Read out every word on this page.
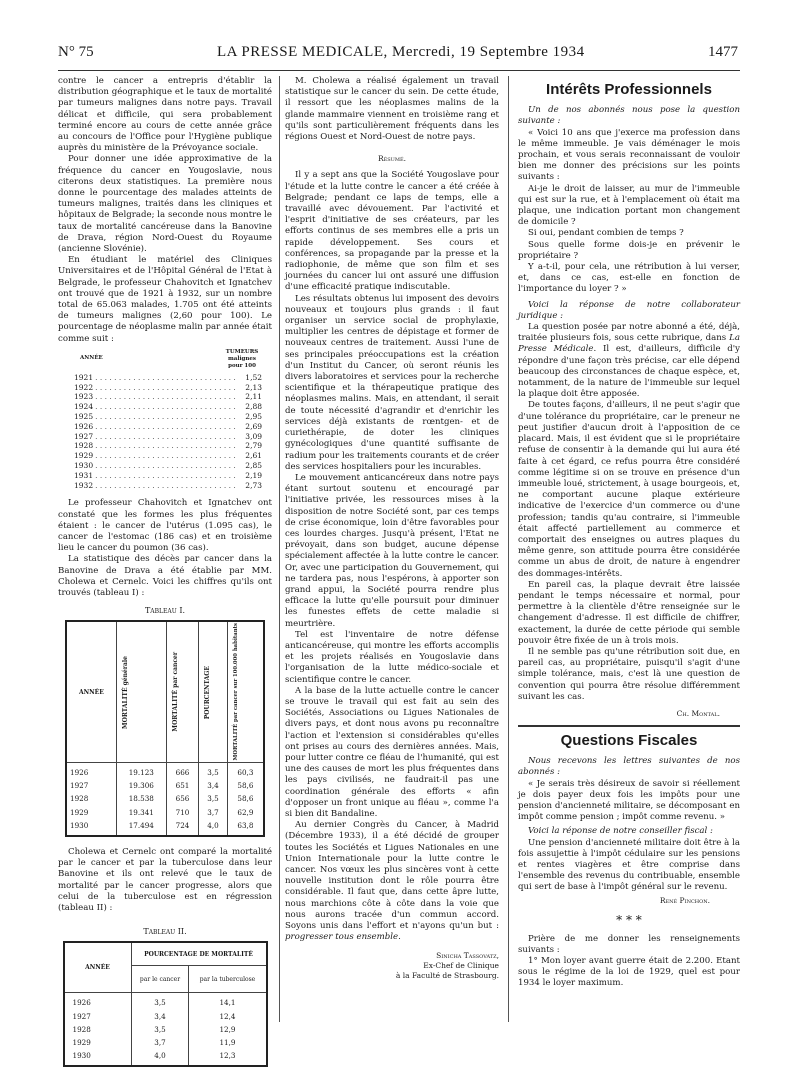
N° 75	LA PRESSE MEDICALE, Mercredi, 19 Septembre 1934	1477

contre le cancer a entrepris d'établir la distribution géographique et le taux de mortalité par tumeurs malignes dans notre pays. Travail délicat et difficile, qui sera probablement terminé encore au cours de cette année grâce au concours de l'Office pour l'Hygiène publique auprès du ministère de la Prévoyance sociale.

Pour donner une idée approximative de la fréquence du cancer en Yougoslavie, nous citerons deux statistiques. La première nous donne le pourcentage des malades atteints de tumeurs malignes, traités dans les cliniques et hôpitaux de Belgrade; la seconde nous montre le taux de mortalité cancéreuse dans la Banovine de Drava, région Nord-Ouest du Royaume (ancienne Slovénie).

En étudiant le matériel des Cliniques Universitaires et de l'Hôpital Général de l'Etat à Belgrade, le professeur Chahovitch et Ignatchev ont trouvé que de 1921 à 1932, sur un nombre total de 65.063 malades, 1.705 ont été atteints de tumeurs malignes (2,60 pour 100). Le pourcentage de néoplasme malin par année était comme suit :

ANNÉE
TUMEURS malignes pour 100
1921 . . . . . . . . . . . . . . . . . . . . . . . . . . . . . .	1,52
1922 . . . . . . . . . . . . . . . . . . . . . . . . . . . . . .	2,13
1923 . . . . . . . . . . . . . . . . . . . . . . . . . . . . . .	2,11
1924 . . . . . . . . . . . . . . . . . . . . . . . . . . . . . .	2,88
1925 . . . . . . . . . . . . . . . . . . . . . . . . . . . . . .	2,95
1926 . . . . . . . . . . . . . . . . . . . . . . . . . . . . . .	2,69
1927 . . . . . . . . . . . . . . . . . . . . . . . . . . . . . .	3,09
1928 . . . . . . . . . . . . . . . . . . . . . . . . . . . . . .	2,79
1929 . . . . . . . . . . . . . . . . . . . . . . . . . . . . . .	2,61
1930 . . . . . . . . . . . . . . . . . . . . . . . . . . . . . .	2,85
1931 . . . . . . . . . . . . . . . . . . . . . . . . . . . . . .	2,19
1932 . . . . . . . . . . . . . . . . . . . . . . . . . . . . . .	2,73

Le professeur Chahovitch et Ignatchev ont constaté que les formes les plus fréquentes étaient : le cancer de l'utérus (1.095 cas), le cancer de l'estomac (186 cas) et en troisième lieu le cancer du poumon (36 cas).

La statistique des décès par cancer dans la Banovine de Drava a été établie par MM. Cholewa et Cernelc. Voici les chiffres qu'ils ont trouvés (tableau I) :

Tableau I.
ANNÉE	MORTALITÉ générale	MORTALITÉ par cancer	POURCENTAGE	MORTALITÉ par cancer sur 100.000 habitants

1926	19.123	666	3,5	60,3
1927	19.306	651	3,4	58,6
1928	18.538	656	3,5	58,6
1929	19.341	710	3,7	62,9
1930	17.494	724	4,0	63,8

Cholewa et Cernelc ont comparé la mortalité par le cancer et par la tuberculose dans leur Banovine et ils ont relevé que le taux de mortalité par le cancer progresse, alors que celui de la tuberculose est en régression (tableau II) :

Tableau II.
ANNÉE	POURCENTAGE DE MORTALITÉ	
	par le cancer	par la tuberculose
1926	3,5	14,1
1927	3,4	12,4
1928	3,5	12,9
1929	3,7	11,9
1930	4,0	12,3

M. Cholewa a réalisé également un travail statistique sur le cancer du sein. De cette étude, il ressort que les néoplasmes malins de la glande mammaire viennent en troisième rang et qu'ils sont particulièrement fréquents dans les régions Ouest et Nord-Ouest de notre pays.

Résumé.

Il y a sept ans que la Société Yougoslave pour l'étude et la lutte contre le cancer a été créée à Belgrade; pendant ce laps de temps, elle a travaillé avec dévouement. Par l'activité et l'esprit d'initiative de ses créateurs, par les efforts continus de ses membres elle a pris un rapide développement. Ses cours et conférences, sa propagande par la presse et la radiophonie, de même que son film et ses journées du cancer lui ont assuré une diffusion d'une efficacité pratique indiscutable.

Les résultats obtenus lui imposent des devoirs nouveaux et toujours plus grands : il faut organiser un service social de prophylaxie, multiplier les centres de dépistage et former de nouveaux centres de traitement. Aussi l'une de ses principales préoccupations est la création d'un Institut du Cancer, où seront réunis les divers laboratoires et services pour la recherche scientifique et la thérapeutique pratique des néoplasmes malins. Mais, en attendant, il serait de toute nécessité d'agrandir et d'enrichir les services déjà existants de rœntgen- et de curiethérapie, de doter les cliniques gynécologiques d'une quantité suffisante de radium pour les traitements courants et de créer des services hospitaliers pour les incurables.

Le mouvement anticancéreux dans notre pays étant surtout soutenu et encouragé par l'initiative privée, les ressources mises à la disposition de notre Société sont, par ces temps de crise économique, loin d'être favorables pour ces lourdes charges. Jusqu'à présent, l'Etat ne prévoyait, dans son budget, aucune dépense spécialement affectée à la lutte contre le cancer. Or, avec une participation du Gouvernement, qui ne tardera pas, nous l'espérons, à apporter son grand appui, la Société pourra rendre plus efficace la lutte qu'elle poursuit pour diminuer les funestes effets de cette maladie si meurtrière.

Tel est l'inventaire de notre défense anticancéreuse, qui montre les efforts accomplis et les projets réalisés en Yougoslavie dans l'organisation de la lutte médico-sociale et scientifique contre le cancer.

A la base de la lutte actuelle contre le cancer se trouve le travail qui est fait au sein des Sociétés, Associations ou Ligues Nationales de divers pays, et dont nous avons pu reconnaître l'action et l'extension si considérables qu'elles ont prises au cours des dernières années. Mais, pour lutter contre ce fléau de l'humanité, qui est une des causes de mort les plus fréquentes dans les pays civilisés, ne faudrait-il pas une coordination générale des efforts « afin d'opposer un front unique au fléau », comme l'a si bien dit Bandaline.

Au dernier Congrès du Cancer, à Madrid (Décembre 1933), il a été décidé de grouper toutes les Sociétés et Ligues Nationales en une Union Internationale pour la lutte contre le cancer. Nos vœux les plus sincères vont à cette nouvelle institution dont le rôle pourra être considérable. Il faut que, dans cette âpre lutte, nous marchions côte à côte dans la voie que nous aurons tracée d'un commun accord. Soyons unis dans l'effort et n'ayons qu'un but : progresser tous ensemble.

Sinicha Tassovatz,
Ex-Chef de Clinique
à la Faculté de Strasbourg.
Intérêts Professionnels

Un de nos abonnés nous pose la question suivante :

« Voici 10 ans que j'exerce ma profession dans le même immeuble. Je vais déménager le mois prochain, et vous serais reconnaissant de vouloir bien me donner des précisions sur les points suivants :

Ai-je le droit de laisser, au mur de l'immeuble qui est sur la rue, et à l'emplacement où était ma plaque, une indication portant mon changement de domicile ?

Si oui, pendant combien de temps ?

Sous quelle forme dois-je en prévenir le propriétaire ?

Y a-t-il, pour cela, une rétribution à lui verser, et, dans ce cas, est-elle en fonction de l'importance du loyer ? »

Voici la réponse de notre collaborateur juridique :

La question posée par notre abonné a été, déjà, traitée plusieurs fois, sous cette rubrique, dans La Presse Médicale. Il est, d'ailleurs, difficile d'y répondre d'une façon très précise, car elle dépend beaucoup des circonstances de chaque espèce, et, notamment, de la nature de l'immeuble sur lequel la plaque doit être apposée.

De toutes façons, d'ailleurs, il ne peut s'agir que d'une tolérance du propriétaire, car le preneur ne peut justifier d'aucun droit à l'apposition de ce placard. Mais, il est évident que si le propriétaire refuse de consentir à la demande qui lui aura été faite à cet égard, ce refus pourra être considéré comme légitime si on se trouve en présence d'un immeuble loué, strictement, à usage bourgeois, et, ne comportant aucune plaque extérieure indicative de l'exercice d'un commerce ou d'une profession; tandis qu'au contraire, si l'immeuble était affecté partiellement au commerce et comportait des enseignes ou autres plaques du même genre, son attitude pourra être considérée comme un abus de droit, de nature à engendrer des dommages-intérêts.

En pareil cas, la plaque devrait être laissée pendant le temps nécessaire et normal, pour permettre à la clientèle d'être renseignée sur le changement d'adresse. Il est difficile de chiffrer, exactement, la durée de cette période qui semble pouvoir être fixée de un à trois mois.

Il ne semble pas qu'une rétribution soit due, en pareil cas, au propriétaire, puisqu'il s'agit d'une simple tolérance, mais, c'est là une question de convention qui pourra être résolue différemment suivant les cas.

Ch. Montal.
Questions Fiscales

Nous recevons les lettres suivantes de nos abonnés :

« Je serais très désireux de savoir si réellement je dois payer deux fois les impôts pour une pension d'ancienneté militaire, se décomposant en impôt comme pension ; impôt comme revenu. »

Voici la réponse de notre conseiller fiscal :

Une pension d'ancienneté militaire doit être à la fois assujettie à l'impôt cédulaire sur les pensions et rentes viagères et être comprise dans l'ensemble des revenus du contribuable, ensemble qui sert de base à l'impôt général sur le revenu.

René Pinchon.
* * *

Prière de me donner les renseignements suivants :

1° Mon loyer avant guerre était de 2.200. Etant sous le régime de la loi de 1929, quel est pour 1934 le loyer maximum.
